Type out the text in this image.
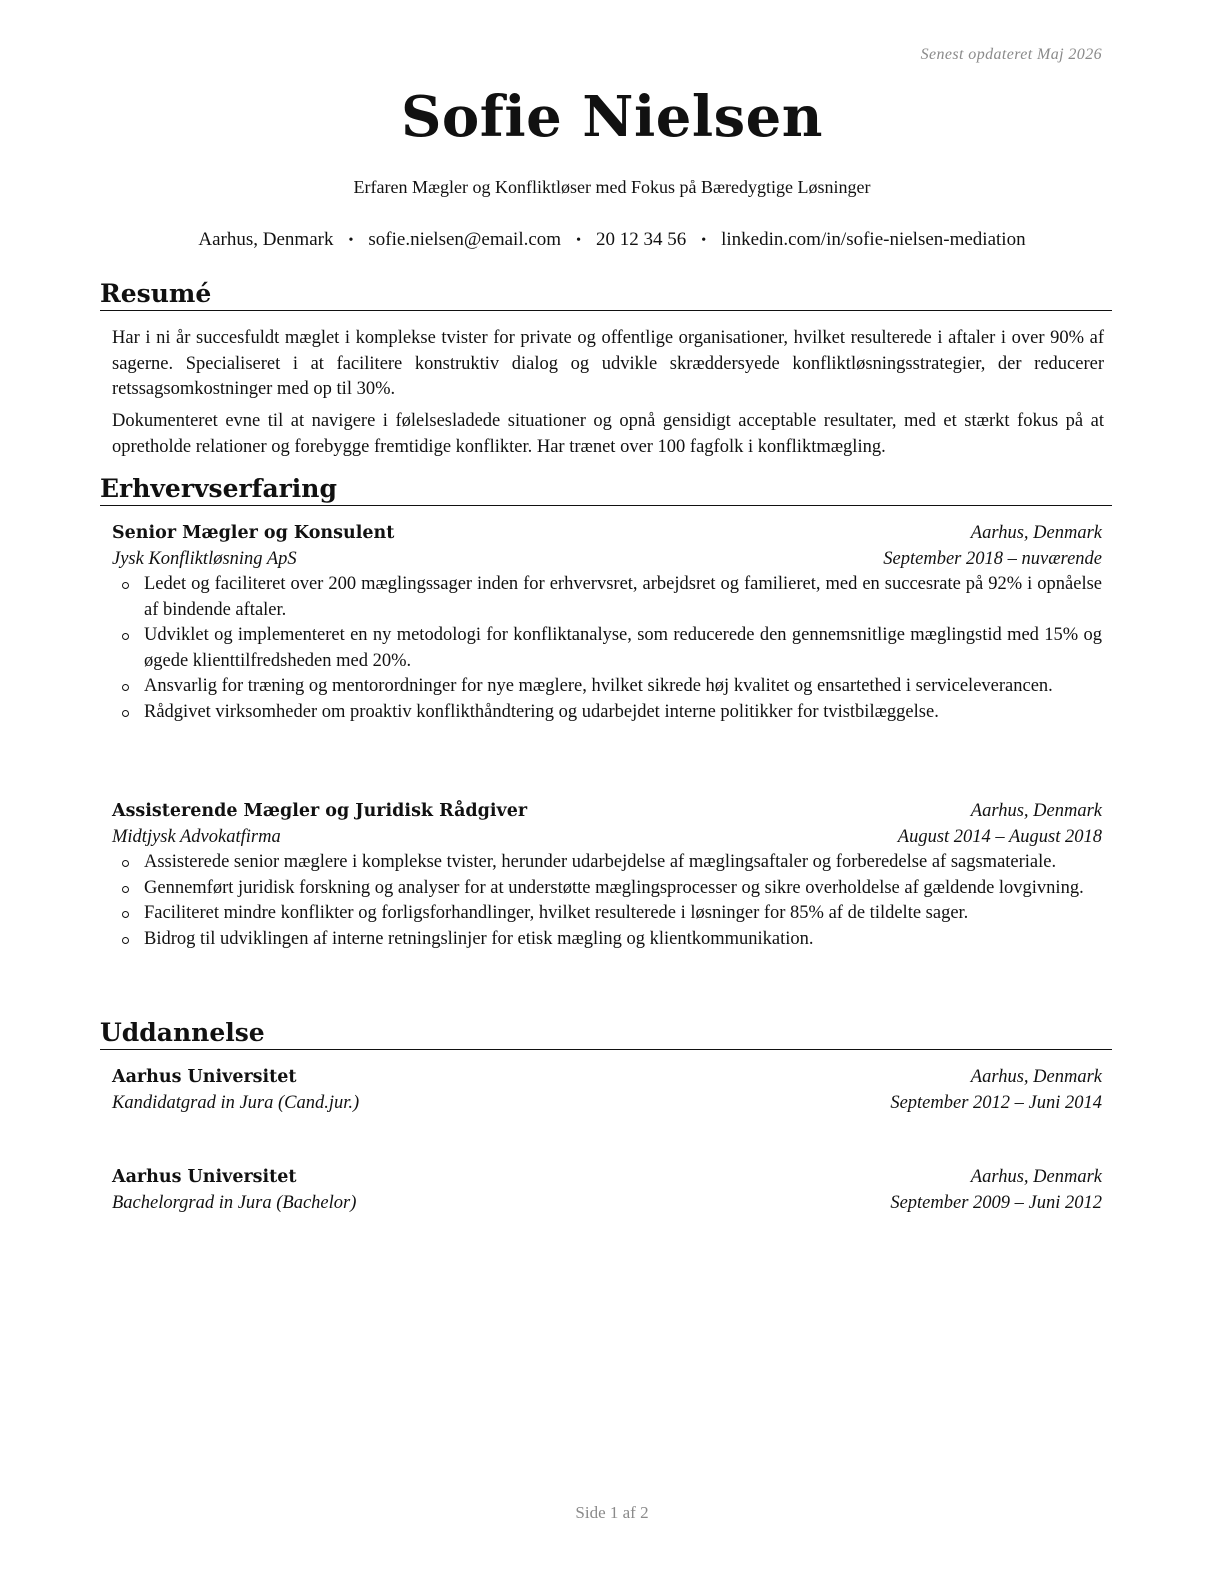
Senest opdateret Maj 2026
Sofie Nielsen
Erfaren Mægler og Konfliktløser med Fokus på Bæredygtige Løsninger
Aarhus, Denmark • sofie.nielsen@email.com • 20 12 34 56 • linkedin.com/in/sofie-nielsen-mediation
Resumé
Har i ni år succesfuldt mæglet i komplekse tvister for private og offentlige organisationer, hvilket resulterede i aftaler i over 90% af sagerne. Specialiseret i at facilitere konstruktiv dialog og udvikle skræddersyede konfliktløsningsstrategier, der reducerer retssagsomkostninger med op til 30%.
Dokumenteret evne til at navigere i følelsesladede situationer og opnå gensidigt acceptable resultater, med et stærkt fokus på at opretholde relationer og forebygge fremtidige konflikter. Har trænet over 100 fagfolk i konfliktmægling.
Erhvervserfaring
Senior Mægler og Konsulent	Aarhus, Denmark
Jysk Konfliktløsning ApS	September 2018 – nuværende
Ledet og faciliteret over 200 mæglingssager inden for erhvervsret, arbejdsret og familieret, med en succesrate på 92% i opnåelse af bindende aftaler.
Udviklet og implementeret en ny metodologi for konfliktanalyse, som reducerede den gennemsnitlige mæglingstid med 15% og øgede klienttilfredsheden med 20%.
Ansvarlig for træning og mentorordninger for nye mæglere, hvilket sikrede høj kvalitet og ensartethed i serviceleverancen.
Rådgivet virksomheder om proaktiv konflikthåndtering og udarbejdet interne politikker for tvistbilæggelse.
Assisterende Mægler og Juridisk Rådgiver	Aarhus, Denmark
Midtjysk Advokatfirma	August 2014 – August 2018
Assisterede senior mæglere i komplekse tvister, herunder udarbejdelse af mæglingsaftaler og forberedelse af sagsmateriale.
Gennemført juridisk forskning og analyser for at understøtte mæglingsprocesser og sikre overholdelse af gældende lovgivning.
Faciliteret mindre konflikter og forligsforhandlinger, hvilket resulterede i løsninger for 85% af de tildelte sager.
Bidrog til udviklingen af interne retningslinjer for etisk mægling og klientkommunikation.
Uddannelse
Aarhus Universitet	Aarhus, Denmark
Kandidatgrad in Jura (Cand.jur.)	September 2012 – Juni 2014
Aarhus Universitet	Aarhus, Denmark
Bachelorgrad in Jura (Bachelor)	September 2009 – Juni 2012
Side 1 af 2
